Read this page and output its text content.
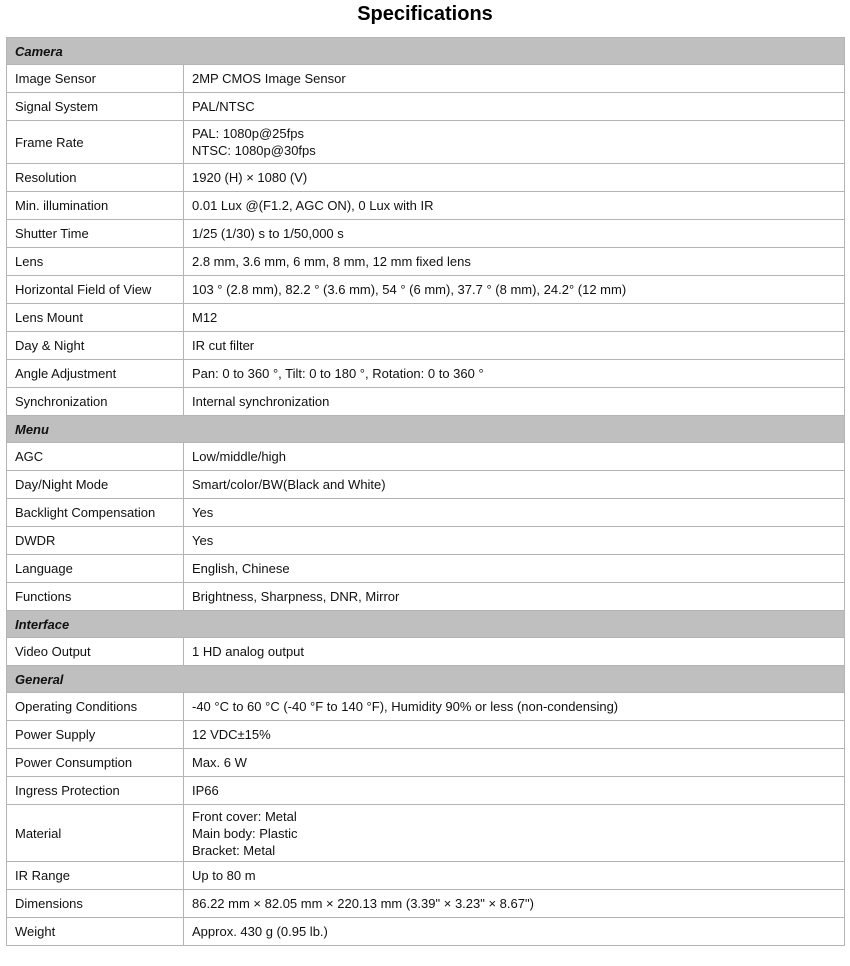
Specifications
Camera	
Image Sensor	2MP CMOS Image Sensor
Signal System	PAL/NTSC
Frame Rate	PAL: 1080p@25fps
NTSC: 1080p@30fps

Resolution	1920 (H) × 1080 (V)
Min. illumination	0.01 Lux @(F1.2, AGC ON), 0 Lux with IR
Shutter Time	1/25 (1/30) s to 1/50,000 s
Lens	2.8 mm, 3.6 mm, 6 mm, 8 mm, 12 mm fixed lens
Horizontal Field of View	103 ° (2.8 mm), 82.2 ° (3.6 mm), 54 ° (6 mm), 37.7 ° (8 mm), 24.2° (12 mm)
Lens Mount	M12
Day & Night	IR cut filter
Angle Adjustment	Pan: 0 to 360 °, Tilt: 0 to 180 °, Rotation: 0 to 360 °
Synchronization	Internal synchronization
Menu	
AGC	Low/middle/high
Day/Night Mode	Smart/color/BW(Black and White)
Backlight Compensation	Yes
DWDR	Yes
Language	English, Chinese
Functions	Brightness, Sharpness, DNR, Mirror
Interface	
Video Output	1 HD analog output
General	
Operating Conditions	-40 °C to 60 °C (-40 °F to 140 °F), Humidity 90% or less (non-condensing)
Power Supply	12 VDC±15%
Power Consumption	Max. 6 W
Ingress Protection	IP66
Material	Front cover: Metal
Main body: Plastic
Bracket: Metal

IR Range	Up to 80 m
Dimensions	86.22 mm × 82.05 mm × 220.13 mm (3.39" × 3.23" × 8.67")
Weight	Approx. 430 g (0.95 lb.)
